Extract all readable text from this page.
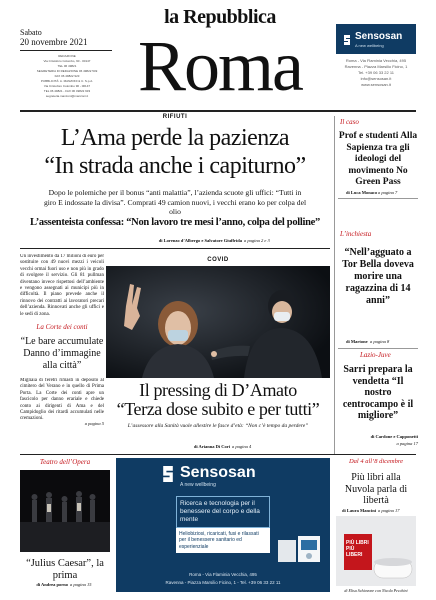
la Repubblica
Roma
Sabato
20 novembre 2021
REDAZIONE
Via Cristoforo Colombo, 90 - 00147
TEL 06 49821
SEGRETERIA DI REDAZIONE 06 49822 549
FAX 06 49822 923
PUBBLICITÀ: A. MANZONI & C. S.p.A.
Via Cristoforo Colombo 90 - 00147
TEL 06 49821 - FAX 06 49822 933
segreteria.manzoni@manzoni.it
Sensosan
A new wellbeing
Roma - Via Flaminia Vecchia, 495
Ravenna - Piazza Marsilio Ficino, 1
Tel. +39 06 33 22 11
info@sensosan.it
www.sensosan.it
RIFIUTI
L’Ama perde la pazienza
“In strada anche i capiturno”
Dopo le polemiche per il bonus “anti malattia”, l’azienda scuote gli uffici: “Tutti in giro E indossate la divisa”. Comprati 49 camion nuovi, i vecchi erano ko per colpa del olio
L’assenteista confessa: “Non lavoro tre mesi l’anno, colpa del polline”
di Lorenzo d’Albergo e Salvatore Giuffrida a pagina 2 e 3
Un investimento da 17 milioni di euro per sostituire con 49 nuovi mezzi i veicoli vecchi ormai fuori uso e non più in grado di svolgere il servizio. Gli 81 pullman diventano invece rispettosi dell’ambiente e vengono assegnati ai municipi più in difficoltà. Il piano prevede anche il rinnovo dei contratti ai lavoratori precari dell’azienda. Rinnovati anche gli uffici e le sedi di zona.
La Corte dei conti
“Le bare accumulate Danno d’immagine alla città”
Migliaia di feretri rimasti in deposito al cimitero del Verano e in quello di Prima Porta. La Corte dei conti apre un fascicolo per danno erariale e chiede conto ai dirigenti di Ama e del Campidoglio dei ritardi accumulati nelle cremazioni.
a pagina 5
COVID
Il pressing di D’Amato
“Terza dose subito e per tutti”
L’assessore alla Sanità vuole allestire le fasce d’età: “Non c’è tempo da perdere”
di Arianna Di Cori a pagina 4
Il caso
Prof e studenti Alla Sapienza tra gli ideologi del movimento No Green Pass
di Luca Monaco a pagina 7
L’inchiesta
“Nell’agguato a Tor Bella doveva morire una ragazzina di 14 anni”
di Martone a pagina 8
Lazio-Juve
Sarri prepara la vendetta “Il nostro centrocampo è il migliore”
di Cardone e Capponetti
a pagina 17
Teatro dell’Opera
“Julius Caesar”, la prima
di Andrea porno a pagina 15
Sensosan
A new wellbeing
Ricerca e tecnologia per il benessere del corpo e della mente
Heliobiziosi, ricaricati, fusi e rilassati per il benessere sanitario ed esperienziale
Roma - Via Flaminia Vecchia, 495
Ravenna - Piazza Marsilio Ficino, 1 - Tel. +39 06 33 22 11
Dal 4 all’8 dicembre
Più libri alla Nuvola parla di libertà
di Laura Mancini a pagina 17
PIÙ LIBRI PIÙ LIBERI
di Elisa Schiavone con Nicola Pecchini
